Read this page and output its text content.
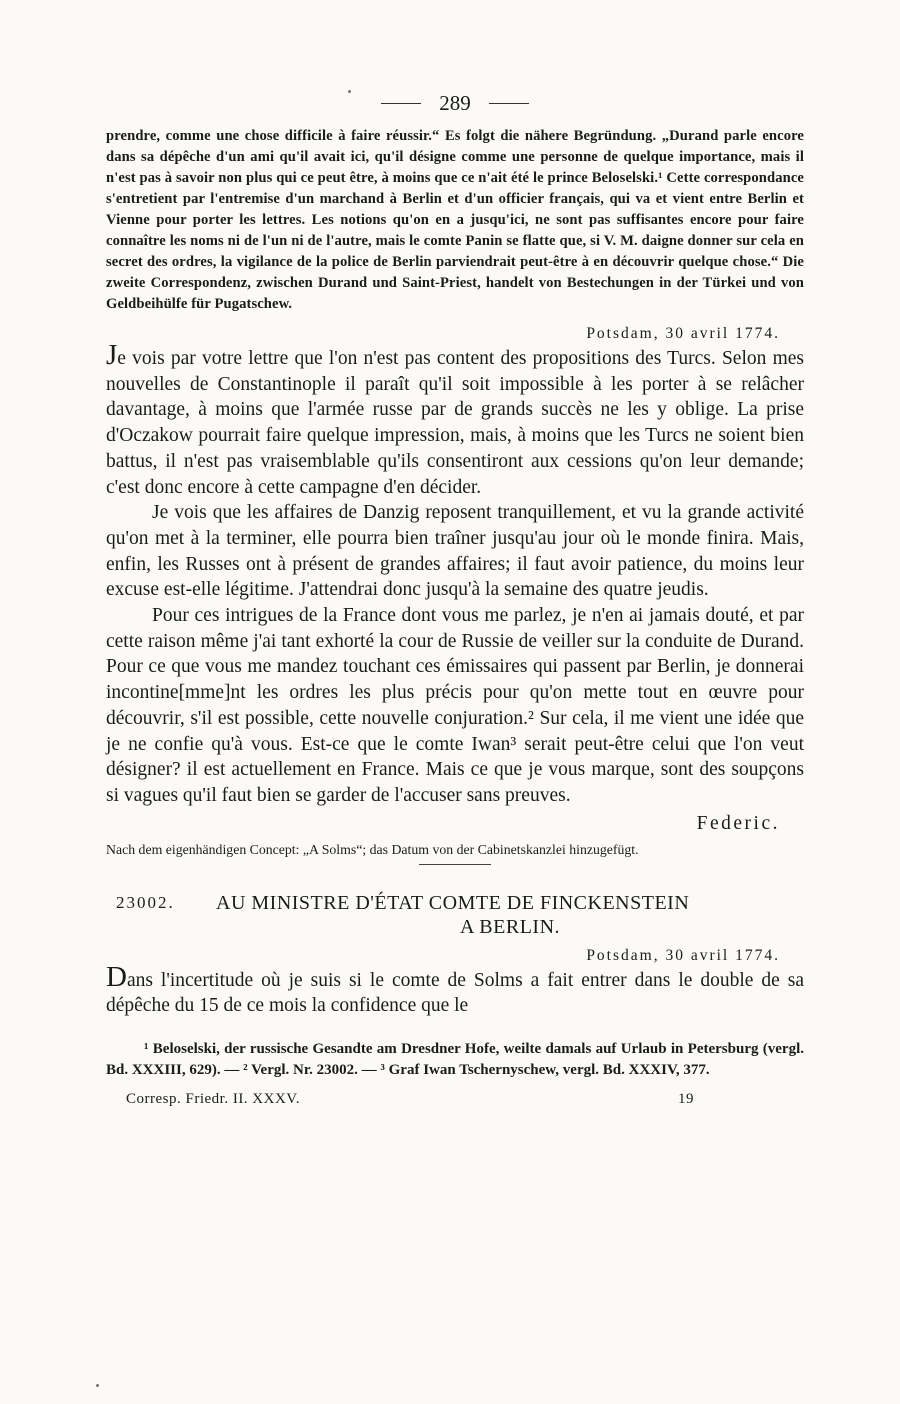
289
prendre, comme une chose difficile à faire réussir.“ Es folgt die nähere Begründung. „Durand parle encore dans sa dépêche d'un ami qu'il avait ici, qu'il désigne comme une personne de quelque importance, mais il n'est pas à savoir non plus qui ce peut être, à moins que ce n'ait été le prince Beloselski.¹ Cette correspondance s'entretient par l'entremise d'un marchand à Berlin et d'un officier français, qui va et vient entre Berlin et Vienne pour porter les lettres. Les notions qu'on en a jusqu'ici, ne sont pas suffisantes encore pour faire connaître les noms ni de l'un ni de l'autre, mais le comte Panin se flatte que, si V. M. daigne donner sur cela en secret des ordres, la vigilance de la police de Berlin parviendrait peut-être à en découvrir quelque chose.“ Die zweite Correspondenz, zwischen Durand und Saint-Priest, handelt von Bestechungen in der Türkei und von Geldbeihülfe für Pugatschew.
Potsdam, 30 avril 1774.

Je vois par votre lettre que l'on n'est pas content des propositions des Turcs. Selon mes nouvelles de Constantinople il paraît qu'il soit impossible à les porter à se relâcher davantage, à moins que l'armée russe par de grands succès ne les y oblige. La prise d'Oczakow pourrait faire quelque impression, mais, à moins que les Turcs ne soient bien battus, il n'est pas vraisemblable qu'ils consentiront aux cessions qu'on leur demande; c'est donc encore à cette campagne d'en décider.

Je vois que les affaires de Danzig reposent tranquillement, et vu la grande activité qu'on met à la terminer, elle pourra bien traîner jusqu'au jour où le monde finira. Mais, enfin, les Russes ont à présent de grandes affaires; il faut avoir patience, du moins leur excuse est-elle légitime. J'attendrai donc jusqu'à la semaine des quatre jeudis.

Pour ces intrigues de la France dont vous me parlez, je n'en ai jamais douté, et par cette raison même j'ai tant exhorté la cour de Russie de veiller sur la conduite de Durand. Pour ce que vous me mandez touchant ces émissaires qui passent par Berlin, je donnerai incontine[mme]nt les ordres les plus précis pour qu'on mette tout en œuvre pour découvrir, s'il est possible, cette nouvelle conjuration.² Sur cela, il me vient une idée que je ne confie qu'à vous. Est-ce que le comte Iwan³ serait peut-être celui que l'on veut désigner? il est actuellement en France. Mais ce que je vous marque, sont des soupçons si vagues qu'il faut bien se garder de l'accuser sans preuves.

Federic.
Nach dem eigenhändigen Concept: „A Solms“; das Datum von der Cabinetskanzlei hinzugefügt.
23002.	AU MINISTRE D'ÉTAT COMTE DE FINCKENSTEIN
A BERLIN.
Potsdam, 30 avril 1774.

Dans l'incertitude où je suis si le comte de Solms a fait entrer dans le double de sa dépêche du 15 de ce mois la confidence que le

¹ Beloselski, der russische Gesandte am Dresdner Hofe, weilte damals auf Urlaub in Petersburg (vergl. Bd. XXXIII, 629). — ² Vergl. Nr. 23002. — ³ Graf Iwan Tschernyschew, vergl. Bd. XXXIV, 377.

Corresp. Friedr. II. XXXV.	19
